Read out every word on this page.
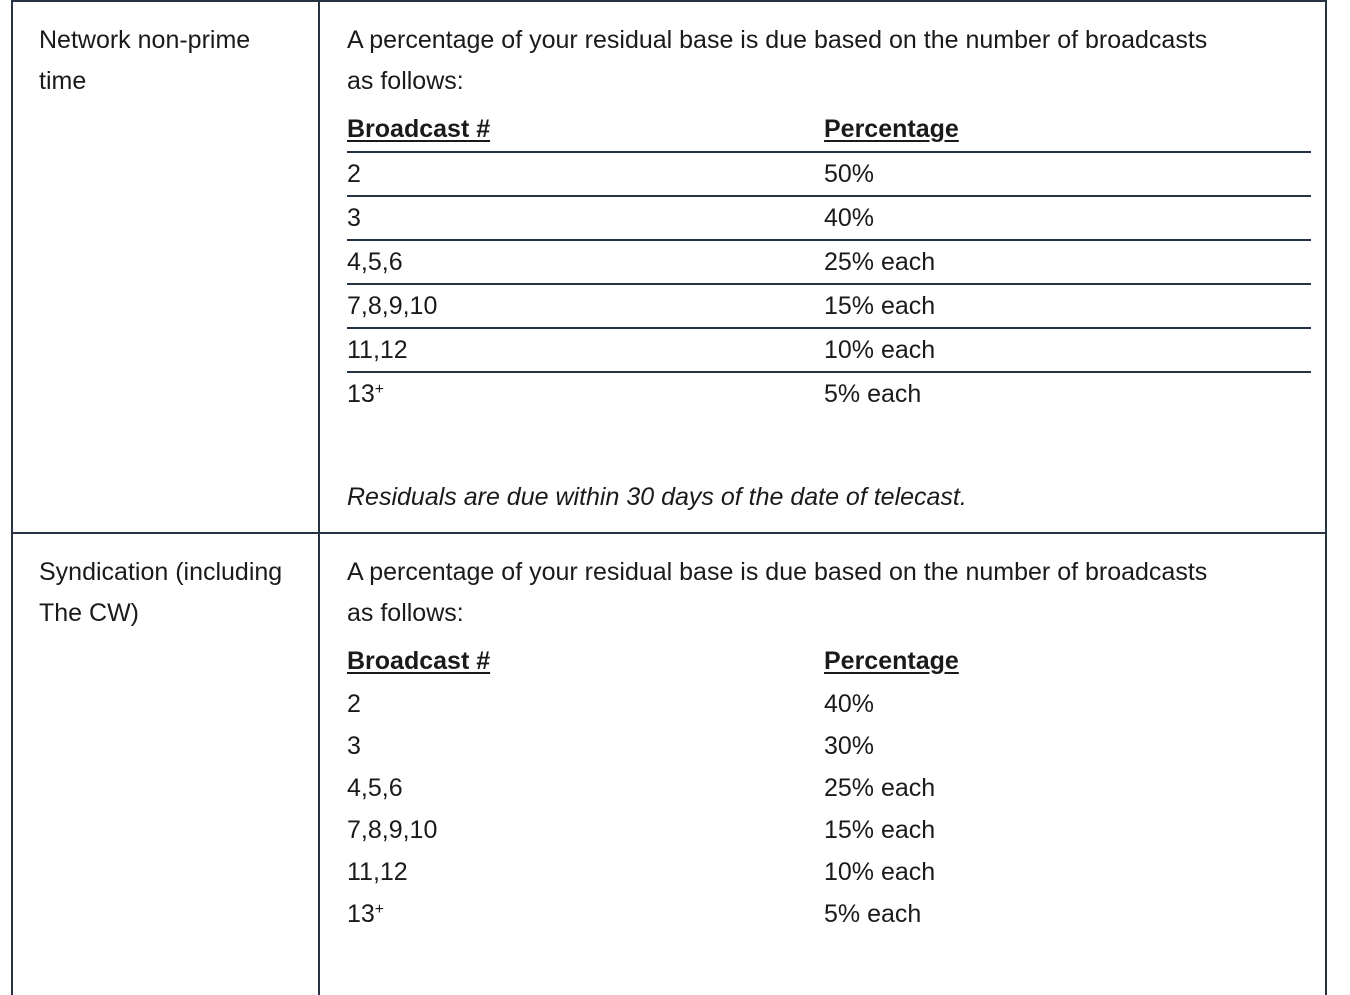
Network non-prime time

A percentage of your residual base is due based on the number of broadcasts as follows:

Broadcast #	Percentage
2	50%
3	40%
4,5,6	25% each
7,8,9,10	15% each
11,12	10% each
13+	5% each

Residuals are due within 30 days of the date of telecast.

Syndication (including The CW)

A percentage of your residual base is due based on the number of broadcasts as follows:

Broadcast #	Percentage
2	40%
3	30%
4,5,6	25% each
7,8,9,10	15% each
11,12	10% each
13+	5% each
